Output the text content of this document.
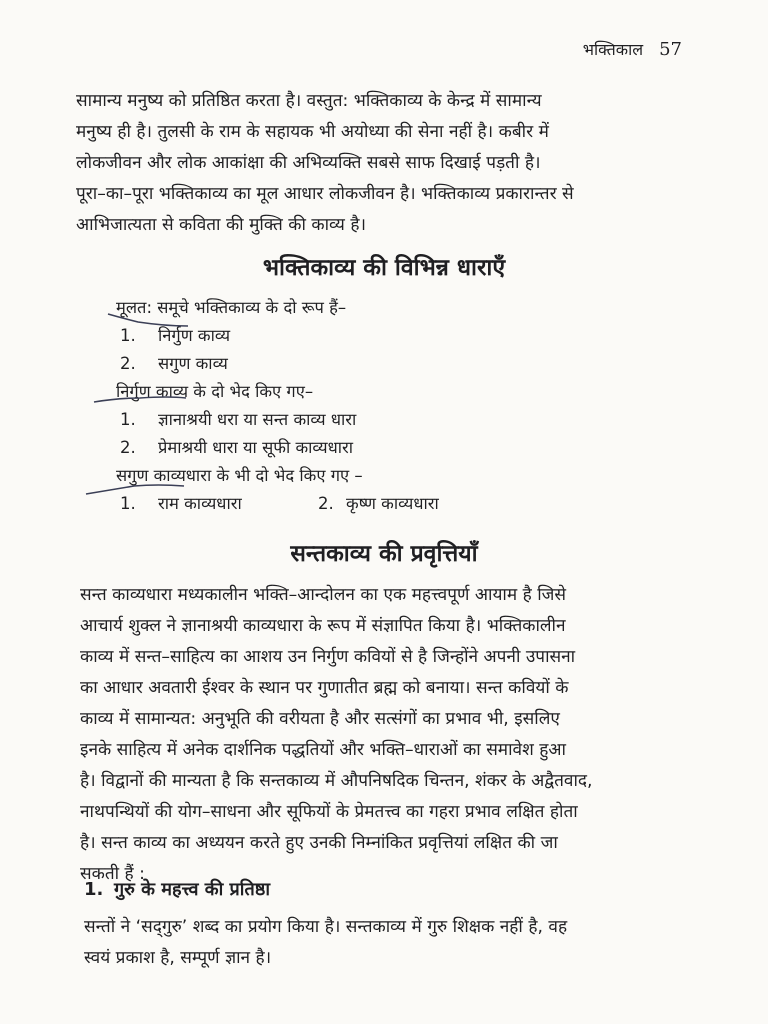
भक्तिकाल 57
सामान्य मनुष्य को प्रतिष्ठित करता है। वस्तुत: भक्तिकाव्य के केन्द्र में सामान्य
मनुष्य ही है। तुलसी के राम के सहायक भी अयोध्या की सेना नहीं है। कबीर में
लोकजीवन और लोक आकांक्षा की अभिव्यक्ति सबसे साफ दिखाई पड़ती है।
पूरा–का–पूरा भक्तिकाव्य का मूल आधार लोकजीवन है। भक्तिकाव्य प्रकारान्तर से
आभिजात्यता से कविता की मुक्ति की काव्य है।
भक्तिकाव्य की विभिन्न धाराएँ
मूलत: समूचे भक्तिकाव्य के दो रूप हैं–
1. निर्गुण काव्य
2. सगुण काव्य
निर्गुण काव्य के दो भेद किए गए–
1. ज्ञानाश्रयी धरा या सन्त काव्य धारा
2. प्रेमाश्रयी धारा या सूफी काव्यधारा
सगुण काव्यधारा के भी दो भेद किए गए –
1. राम काव्यधारा	2. कृष्ण काव्यधारा
सन्तकाव्य की प्रवृत्तियाँ
सन्त काव्यधारा मध्यकालीन भक्ति–आन्दोलन का एक महत्त्वपूर्ण आयाम है जिसे
आचार्य शुक्ल ने ज्ञानाश्रयी काव्यधारा के रूप में संज्ञापित किया है। भक्तिकालीन
काव्य में सन्त–साहित्य का आशय उन निर्गुण कवियों से है जिन्होंने अपनी उपासना
का आधार अवतारी ईश्वर के स्थान पर गुणातीत ब्रह्म को बनाया। सन्त कवियों के
काव्य में सामान्यत: अनुभूति की वरीयता है और सत्संगों का प्रभाव भी, इसलिए
इनके साहित्य में अनेक दार्शनिक पद्धतियों और भक्ति–धाराओं का समावेश हुआ
है। विद्वानों की मान्यता है कि सन्तकाव्य में औपनिषदिक चिन्तन, शंकर के अद्वैतवाद,
नाथपन्थियों की योग–साधना और सूफियों के प्रेमतत्त्व का गहरा प्रभाव लक्षित होता
है। सन्त काव्य का अध्ययन करते हुए उनकी निम्नांकित प्रवृत्तियां लक्षित की जा
सकती हैं :
1. गुरु के महत्त्व की प्रतिष्ठा
सन्तों ने ‘सद्‌गुरु’ शब्द का प्रयोग किया है। सन्तकाव्य में गुरु शिक्षक नहीं है, वह
स्वयं प्रकाश है, सम्पूर्ण ज्ञान है।
